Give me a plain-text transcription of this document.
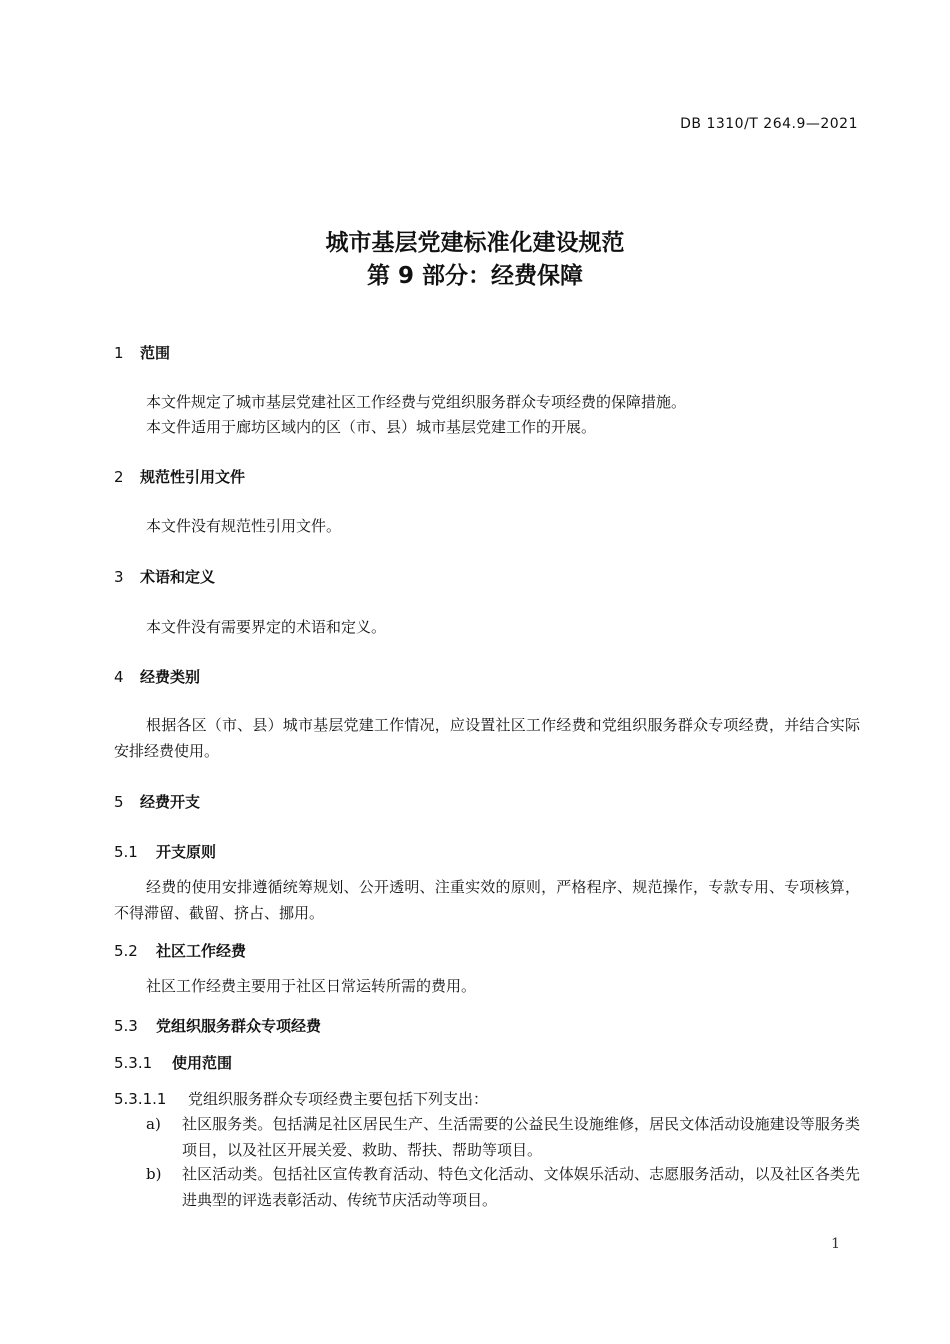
DB 1310/T 264.9—2021
城市基层党建标准化建设规范
第 9 部分：经费保障
1 范围
本文件规定了城市基层党建社区工作经费与党组织服务群众专项经费的保障措施。
本文件适用于廊坊区域内的区（市、县）城市基层党建工作的开展。
2 规范性引用文件
本文件没有规范性引用文件。
3 术语和定义
本文件没有需要界定的术语和定义。
4 经费类别
根据各区（市、县）城市基层党建工作情况，应设置社区工作经费和党组织服务群众专项经费，并结合实际安排经费使用。
5 经费开支
5.1 开支原则
经费的使用安排遵循统筹规划、公开透明、注重实效的原则，严格程序、规范操作，专款专用、专项核算，不得滞留、截留、挤占、挪用。
5.2 社区工作经费
社区工作经费主要用于社区日常运转所需的费用。
5.3 党组织服务群众专项经费
5.3.1 使用范围
5.3.1.1 党组织服务群众专项经费主要包括下列支出：
a) 社区服务类。包括满足社区居民生产、生活需要的公益民生设施维修，居民文体活动设施建设等服务类项目，以及社区开展关爱、救助、帮扶、帮助等项目。
b) 社区活动类。包括社区宣传教育活动、特色文化活动、文体娱乐活动、志愿服务活动，以及社区各类先进典型的评选表彰活动、传统节庆活动等项目。
1
